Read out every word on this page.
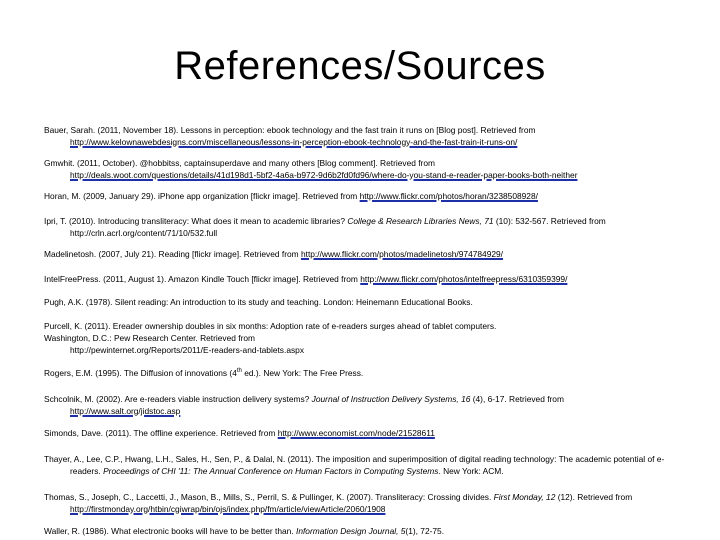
References/Sources
Bauer, Sarah. (2011, November 18). Lessons in perception: ebook technology and the fast train it runs on [Blog post]. Retrieved from
http://www.kelownawebdesigns.com/miscellaneous/lessons-in-perception-ebook-technology-and-the-fast-train-it-runs-on/
Gmwhit. (2011, October). @hobbitss, captainsuperdave and many others [Blog comment]. Retrieved from
http://deals.woot.com/questions/details/41d198d1-5bf2-4a6a-b972-9d6b2fd0fd96/where-do-you-stand-e-reader-paper-books-both-neither
Horan, M. (2009, January 29). iPhone app organization [flickr image]. Retrieved from http://www.flickr.com/photos/horan/3238508928/
Ipri, T. (2010). Introducing transliteracy: What does it mean to academic libraries? College & Research Libraries News, 71 (10): 532-567. Retrieved from
http://crln.acrl.org/content/71/10/532.full
Madelinetosh. (2007, July 21). Reading [flickr image]. Retrieved from http://www.flickr.com/photos/madelinetosh/974784929/
IntelFreePress. (2011, August 1). Amazon Kindle Touch [flickr image]. Retrieved from http://www.flickr.com/photos/intelfreepress/6310359399/
Pugh, A.K. (1978). Silent reading: An introduction to its study and teaching. London: Heinemann Educational Books.
Purcell, K. (2011). Ereader ownership doubles in six months: Adoption rate of e-readers surges ahead of tablet computers.
Washington, D.C.: Pew Research Center. Retrieved from
http://pewinternet.org/Reports/2011/E-readers-and-tablets.aspx
Rogers, E.M. (1995). The Diffusion of innovations (4th ed.). New York: The Free Press.
Schcolnik, M. (2002). Are e-readers viable instruction delivery systems? Journal of Instruction Delivery Systems, 16 (4), 6-17. Retrieved from
http://www.salt.org/jidstoc.asp
Simonds, Dave. (2011). The offline experience. Retrieved from http://www.economist.com/node/21528611
Thayer, A., Lee, C.P., Hwang, L.H., Sales, H., Sen, P., & Dalal, N. (2011). The imposition and superimposition of digital reading technology: The academic potential of e-readers. Proceedings of CHI '11: The Annual Conference on Human Factors in Computing Systems. New York: ACM.
Thomas, S., Joseph, C., Laccetti, J., Mason, B., Mills, S., Perril, S. & Pullinger, K. (2007). Transliteracy: Crossing divides. First Monday, 12 (12). Retrieved from
http://firstmonday.org/htbin/cgiwrap/bin/ojs/index.php/fm/article/viewArticle/2060/1908
Waller, R. (1986). What electronic books will have to be better than. Information Design Journal, 5(1), 72-75.
